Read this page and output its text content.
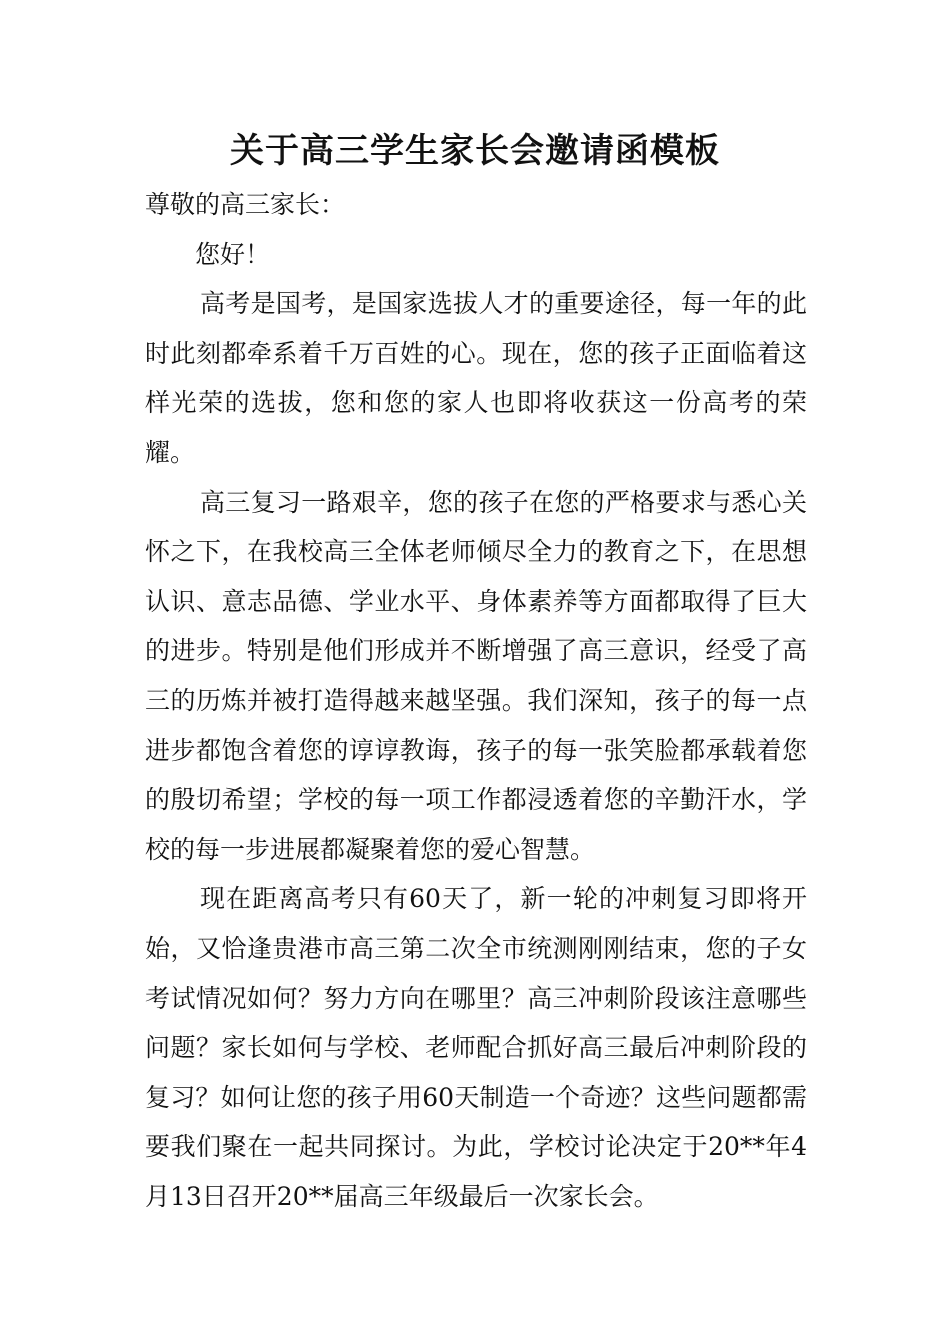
关于高三学生家长会邀请函模板

尊敬的高三家长：

您好！

高考是国考，是国家选拔人才的重要途径，每一年的此时此刻都牵系着千万百姓的心。现在，您的孩子正面临着这样光荣的选拔，您和您的家人也即将收获这一份高考的荣耀。

高三复习一路艰辛，您的孩子在您的严格要求与悉心关怀之下，在我校高三全体老师倾尽全力的教育之下，在思想认识、意志品德、学业水平、身体素养等方面都取得了巨大的进步。特别是他们形成并不断增强了高三意识，经受了高三的历炼并被打造得越来越坚强。我们深知，孩子的每一点进步都饱含着您的谆谆教诲，孩子的每一张笑脸都承载着您的殷切希望；学校的每一项工作都浸透着您的辛勤汗水，学校的每一步进展都凝聚着您的爱心智慧。

现在距离高考只有60天了，新一轮的冲刺复习即将开始，又恰逢贵港市高三第二次全市统测刚刚结束，您的子女考试情况如何？努力方向在哪里？高三冲刺阶段该注意哪些问题？家长如何与学校、老师配合抓好高三最后冲刺阶段的复习？如何让您的孩子用60天制造一个奇迹？这些问题都需要我们聚在一起共同探讨。为此，学校讨论决定于20**年4月13日召开20**届高三年级最后一次家长会。
